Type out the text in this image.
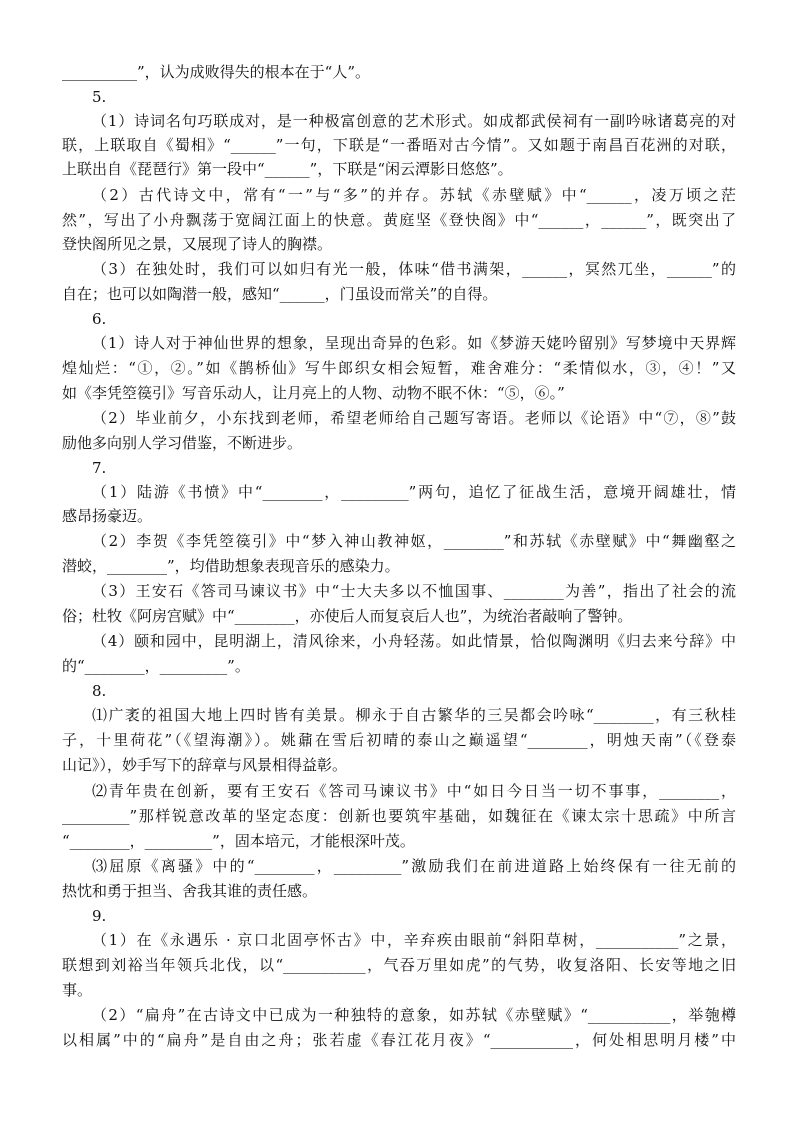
__________”，认为成败得失的根本在于“人”。
5.
（1）诗词名句巧联成对，是一种极富创意的艺术形式。如成都武侯祠有一副吟咏诸葛亮的对
联，上联取自《蜀相》“______”一句，下联是“一番晤对古今情”。又如题于南昌百花洲的对联，
上联出自《琵琶行》第一段中“______”，下联是“闲云潭影日悠悠”。
（2）古代诗文中，常有“一”与“多”的并存。苏轼《赤壁赋》中“______，凌万顷之茫
然”，写出了小舟飘荡于宽阔江面上的快意。黄庭坚《登快阁》中“______，______”，既突出了
登快阁所见之景，又展现了诗人的胸襟。
（3）在独处时，我们可以如归有光一般，体味“借书满架，______，冥然兀坐，______”的
自在；也可以如陶潜一般，感知“______，门虽设而常关”的自得。
6.
（1）诗人对于神仙世界的想象，呈现出奇异的色彩。如《梦游天姥吟留别》写梦境中天界辉
煌灿烂：“①，②。”如《鹊桥仙》写牛郎织女相会短暂，难舍难分：“柔情似水，③，④！”又
如《李凭箜篌引》写音乐动人，让月亮上的人物、动物不眠不休：“⑤，⑥。”
（2）毕业前夕，小东找到老师，希望老师给自己题写寄语。老师以《论语》中“⑦，⑧”鼓
励他多向别人学习借鉴，不断进步。
7.
（1）陆游《书愤》中“________，_________”两句，追忆了征战生活，意境开阔雄壮，情
感昂扬豪迈。
（2）李贺《李凭箜篌引》中“梦入神山教神妪，________”和苏轼《赤壁赋》中“舞幽壑之
潜蛟，________”，均借助想象表现音乐的感染力。
（3）王安石《答司马谏议书》中“士大夫多以不恤国事、________为善”，指出了社会的流
俗；杜牧《阿房宫赋》中“________，亦使后人而复哀后人也”，为统治者敲响了警钟。
（4）颐和园中，昆明湖上，清风徐来，小舟轻荡。如此情景，恰似陶渊明《归去来兮辞》中
的“________，_________”。
8.
⑴广袤的祖国大地上四时皆有美景。柳永于自古繁华的三吴都会吟咏“________，有三秋桂
子，十里荷花”（《望海潮》）。姚鼐在雪后初晴的泰山之巅遥望“________，明烛天南”（《登泰
山记》），妙手写下的辞章与风景相得益彰。
⑵青年贵在创新，要有王安石《答司马谏议书》中“如日今日当一切不事事，________，
_________”那样锐意改革的坚定态度：创新也要筑牢基础，如魏征在《谏太宗十思疏》中所言
“________，_________”，固本培元，才能根深叶茂。
⑶屈原《离骚》中的“________，_________”激励我们在前进道路上始终保有一往无前的
热忱和勇于担当、舍我其谁的责任感。
9.
（1）在《永遇乐 · 京口北固亭怀古》中，辛弃疾由眼前“斜阳草树，___________”之景，
联想到刘裕当年领兵北伐，以“___________，气吞万里如虎”的气势，收复洛阳、长安等地之旧
事。
（2）“扁舟”在古诗文中已成为一种独特的意象，如苏轼《赤壁赋》“___________，举匏樽
以相属”中的“扁舟”是自由之舟；张若虚《春江花月夜》“___________，何处相思明月楼”中
